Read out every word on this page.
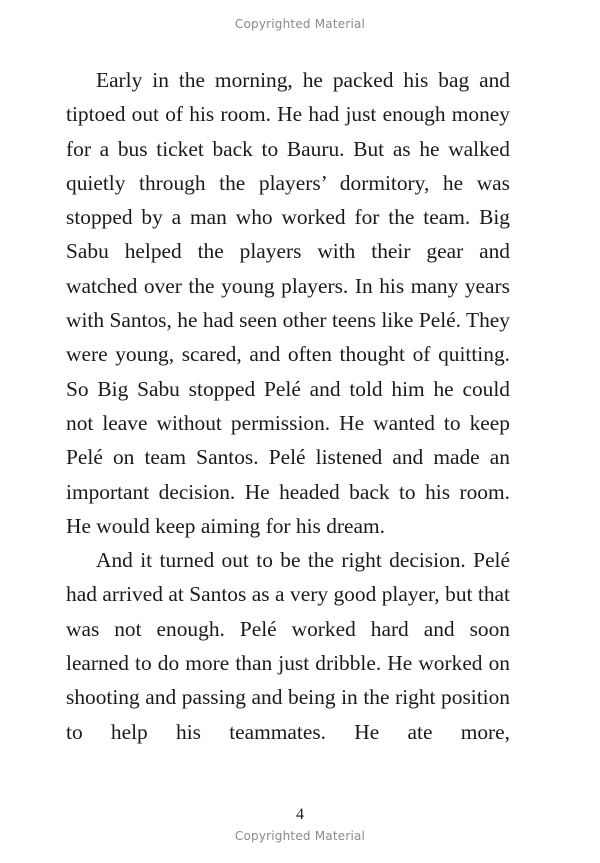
Copyrighted Material

Early in the morning, he packed his bag and tiptoed out of his room. He had just enough money for a bus ticket back to Bauru. But as he walked quietly through the players’ dormitory, he was stopped by a man who worked for the team. Big Sabu helped the players with their gear and watched over the young players. In his many years with Santos, he had seen other teens like Pelé. They were young, scared, and often thought of quitting. So Big Sabu stopped Pelé and told him he could not leave without permission. He wanted to keep Pelé on team Santos. Pelé listened and made an important decision. He headed back to his room. He would keep aiming for his dream.

And it turned out to be the right decision. Pelé had arrived at Santos as a very good player, but that was not enough. Pelé worked hard and soon learned to do more than just dribble. He worked on shooting and passing and being in the right position to help his teammates. He ate more,

4
Copyrighted Material
